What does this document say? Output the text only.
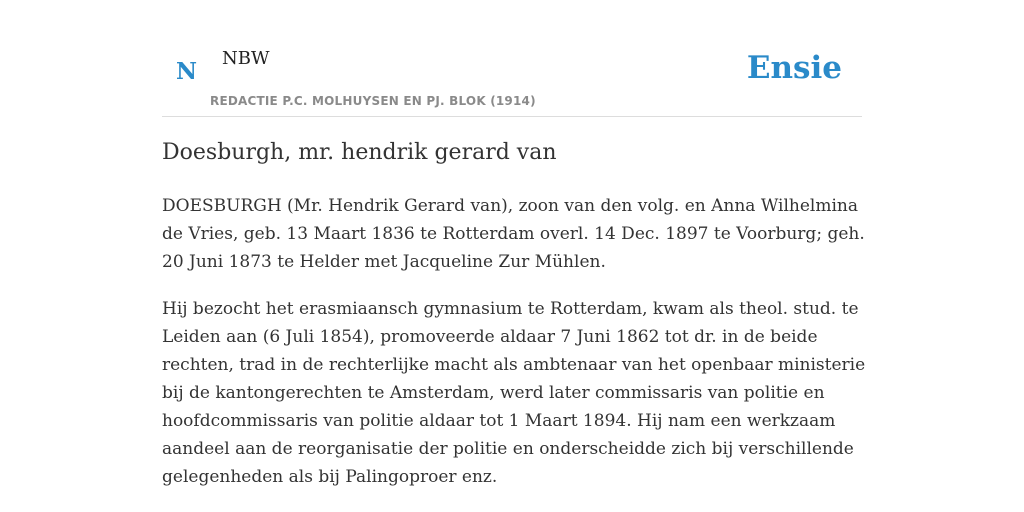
N NBW
REDACTIE P.C. MOLHUYSEN EN PJ. BLOK (1914)
Ensie
Doesburgh, mr. hendrik gerard van

DOESBURGH (Mr. Hendrik Gerard van), zoon van den volg. en Anna Wilhelmina de Vries, geb. 13 Maart 1836 te Rotterdam overl. 14 Dec. 1897 te Voorburg; geh. 20 Juni 1873 te Helder met Jacqueline Zur Mühlen.

Hij bezocht het erasmiaansch gymnasium te Rotterdam, kwam als theol. stud. te Leiden aan (6 Juli 1854), promoveerde aldaar 7 Juni 1862 tot dr. in de beide rechten, trad in de rechterlijke macht als ambtenaar van het openbaar ministerie bij de kantongerechten te Amsterdam, werd later commissaris van politie en hoofdcommissaris van politie aldaar tot 1 Maart 1894. Hij nam een werkzaam aandeel aan de reorganisatie der politie en onderscheidde zich bij verschillende gelegenheden als bij Palingoproer enz.
